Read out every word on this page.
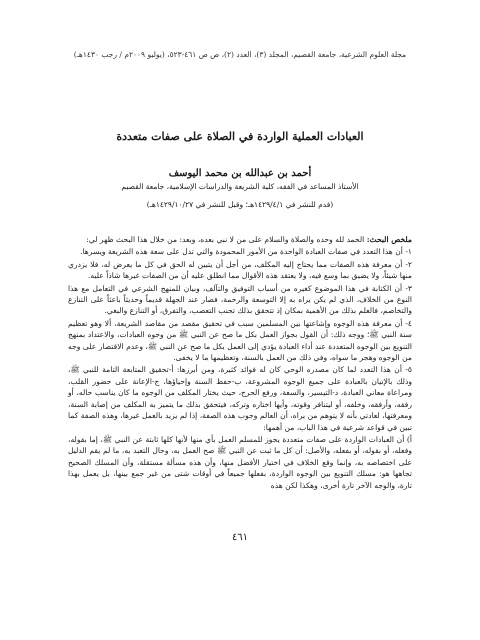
مجلة العلوم الشرعية، جامعة القصيم، المجلد (٣)، العدد (٢)، ص ص ٤٦١-٥٢٣، (يوليو ٢٠٠٩م / رجب ١٤٣٠هـ)
العبادات العملية الواردة في الصلاة على صفات متعددة
أحمد بن عبدالله بن محمد اليوسف
الأستاذ المساعد في الفقه، كلية الشريعة والدراسات الإسلامية، جامعة القصيم
(قدم للنشر في ١٤٢٩/٤/١هـ؛ وقبل للنشر في ١٤٢٩/١٠/٢٧هـ)

ملخص البحث: الحمد لله وحده والصلاة والسلام على من لا نبي بعده، وبعد: من خلال هذا البحث ظهر لي:

١- أن هذا التعدد في صفات العبادة الواحدة من الأمور المحمودة والتي تدل على سعة هذه الشريعة ويسرها.

٢- أن معرفة هذه الصفات مما يحتاج إليه المكلف، من أجل أن يتبين له الحق في كل ما يعرض له، فلا يزدري منها شيئاً، ولا يضيق بما وسع فيه، ولا يعتقد هذه الأقوال مما انطلق عليه أن من الصفات غيرها شاذاً عليه.

٣- أن الكتابة في هذا الموضوع كغيره من أسباب التوفيق والتآلف، وبيان للمنهج الشرعي في التعامل مع هذا النوع من الخلاف، الذي لم يكن يراه به إلا التوسعة والرحمة، فصار عند الجهلة قديماً وحديثاً باعثاً على التنازع والتخاصم، فالعلم بذلك من الأهمية بمكان إذ تتحقق بذلك تجنب التعصب، والتفرق، أو التنازع والبغي.

٤- أن معرفة هذه الوجوه وإشاعتها بين المسلمين سبب في تحقيق مقصد من مقاصد الشريعة، ألا وهو تعظيم سنة النبي ﷺ؛ ووجه ذلك: أن القول بجواز العمل بكل ما صح عن النبي ﷺ من وجوه العبادات، والاعتداد بمنهج التنويع بين الوجوه المتعددة عند أداء العبادة يؤدي إلى العمل بكل ما صح عن النبي ﷺ، وعدم الاقتصار على وجه من الوجوه وهجر ما سواه، وفي ذلك من العمل بالسنة، وتعظيمها ما لا يخفى.

٥- أن هذا التعدد لما كان مصدره الوحي كان له فوائد كثيرة، ومن أبرزها: أ-تحقيق المتابعة التامة للنبي ﷺ، وذلك بالإتيان بالعبادة على جميع الوجوه المشروعة، ب-حفظ السنة وإحياؤها، ج-الإعانة على حضور القلب، ومراعاة معاني العبادة، د-التيسير، والسعة، ورفع الحرج، حيث يختار المكلف من الوجوه ما كان يناسب حاله، أو رفقه، وأرفقه، وخلفه، أو ليتنافر وقوته، وأيها اختاره وتركه، فيتحقق بذلك ما يتميز به المكلف من إصابة السنة، ومعرفتها، لعادتي بأنه لا يتوهم من يراه، أن العالم وجوب هذه الصفة، إذا لم يزيد بالعمل غيرها، وهذه الصفة كما تبين في قواعد شرعية في هذا الباب، من أهمها:

أ) أن العبادات الواردة على صفات متعددة يجوز للمسلم العمل بأي منها لأنها كلها ثابتة عن النبي ﷺ، إما بقوله، وفعله، أو بقوله، أو بفعله، والأصل: أن كل ما ثبت عن النبي ﷺ صح العمل به، وحال التعبد به، ما لم يقم الدليل على اختصاصه به، وإنما وقع الخلاف في اختيار الأفضل منها، وأن هذه مسألة مستقلة، وأن المسلك الصحيح تجاهها هو: مسلك التنويع بين الوجوه الواردة، بفعلها جميعاً في أوقات شتى من غير جمع بينها، بل يعمل بهذا تارة، والوجه الآخر تارة أخرى، وهكذا لكن هذه

٤٦١
